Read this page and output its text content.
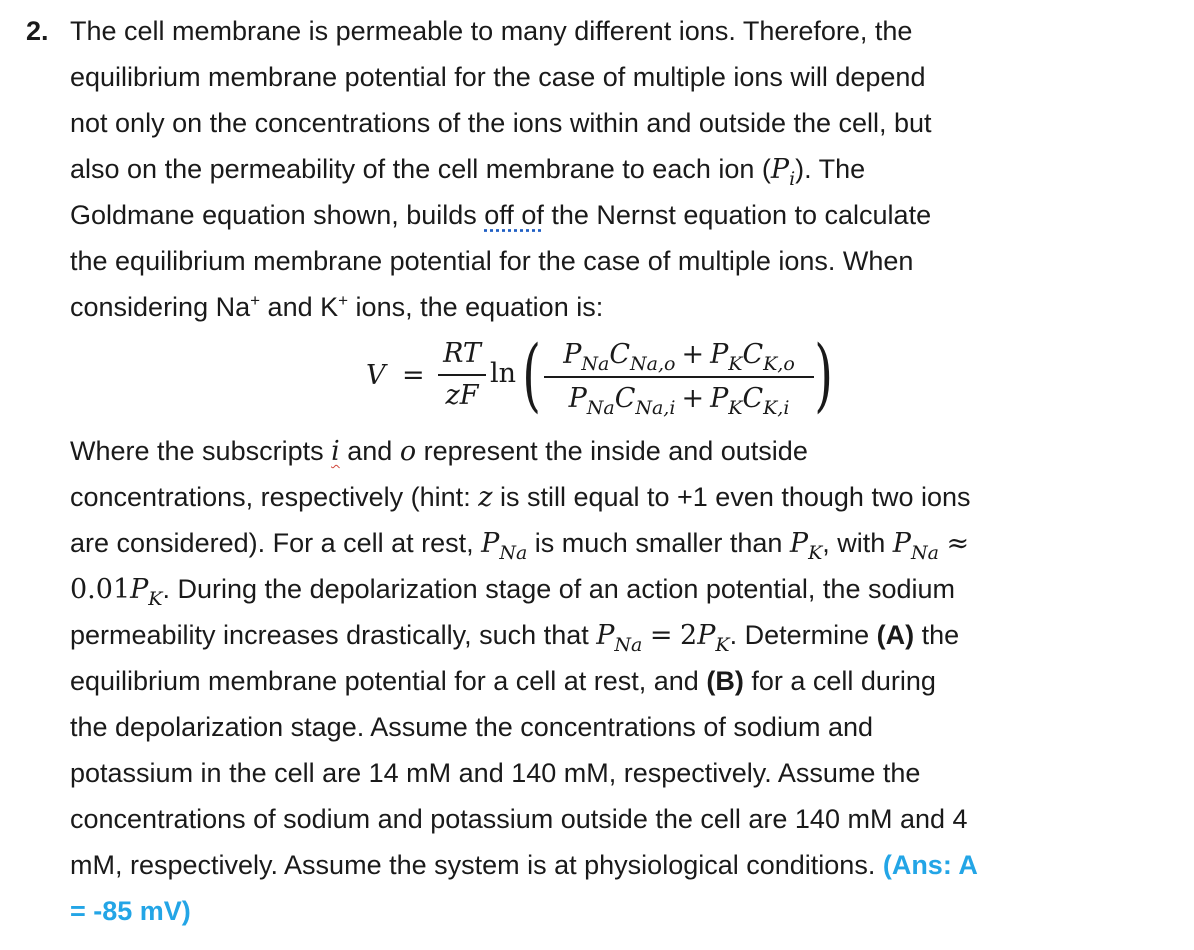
2. The cell membrane is permeable to many different ions. Therefore, the
equilibrium membrane potential for the case of multiple ions will depend
not only on the concentrations of the ions within and outside the cell, but
also on the permeability of the cell membrane to each ion $(P_i)$. The
Goldmane equation shown, builds off of the Nernst equation to calculate
the equilibrium membrane potential for the case of multiple ions. When
considering Na+ and K+ ions, the equation is:
$V = \frac{RT}{zF}$ ln ( $P_{Na}C_{Na,o} + P_KC_{K,o}$
$P_{Na}C_{Na,i} + P_KC_{K,i}$ )
Where the subscripts i and o represent the inside and outside
concentrations, respectively (hint: z is still equal to +1 even though two ions
are considered). For a cell at rest, $P_{Na}$ is much smaller than $P_K$, with $P_{Na}$ ≈
$0.01P_K$. During the depolarization stage of an action potential, the sodium
permeability increases drastically, such that $P_{Na} = 2P_K$. Determine (A) the
equilibrium membrane potential for a cell at rest, and (B) for a cell during
the depolarization stage. Assume the concentrations of sodium and
potassium in the cell are 14 mM and 140 mM, respectively. Assume the
concentrations of sodium and potassium outside the cell are 140 mM and 4
mM, respectively. Assume the system is at physiological conditions. (Ans: A
= -85 mV)
